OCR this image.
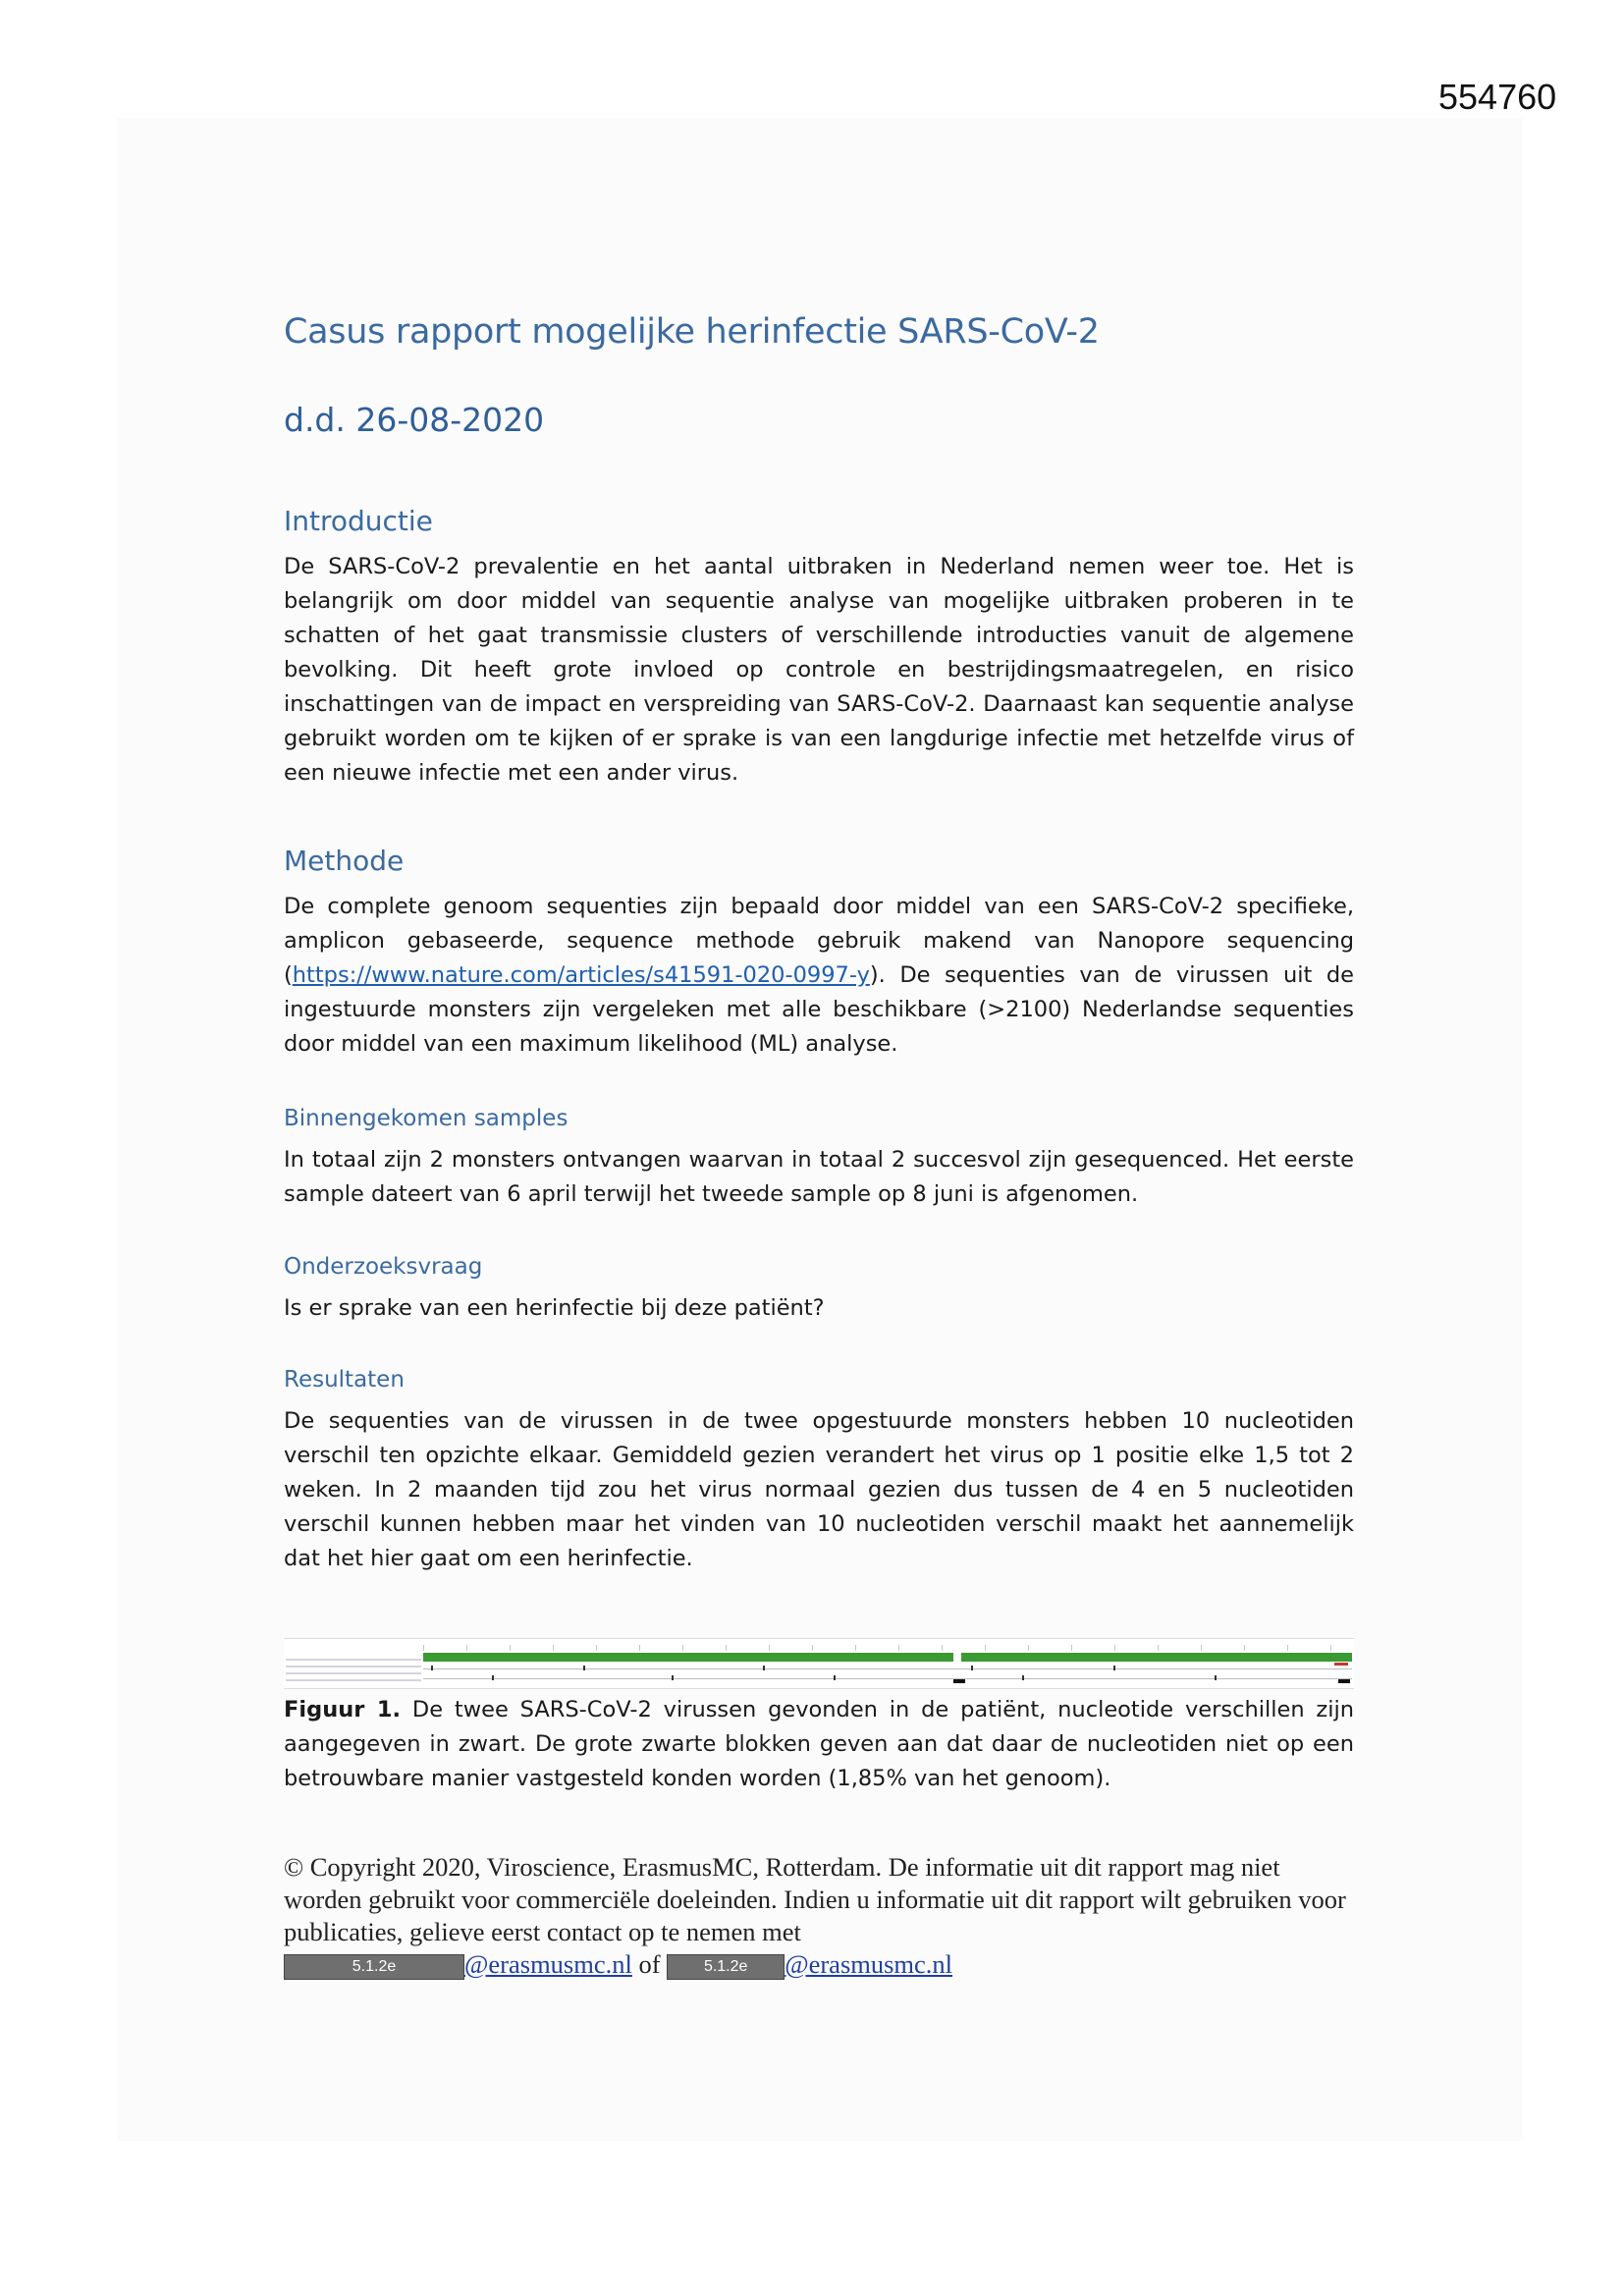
554760
Casus rapport mogelijke herinfectie SARS-CoV-2
d.d. 26-08-2020
Introductie

De SARS-CoV-2 prevalentie en het aantal uitbraken in Nederland nemen weer toe. Het is belangrijk om door middel van sequentie analyse van mogelijke uitbraken proberen in te schatten of het gaat transmissie clusters of verschillende introducties vanuit de algemene bevolking. Dit heeft grote invloed op controle en bestrijdingsmaatregelen, en risico inschattingen van de impact en verspreiding van SARS-CoV-2. Daarnaast kan sequentie analyse gebruikt worden om te kijken of er sprake is van een langdurige infectie met hetzelfde virus of een nieuwe infectie met een ander virus.

Methode

De complete genoom sequenties zijn bepaald door middel van een SARS-CoV-2 specifieke, amplicon gebaseerde, sequence methode gebruik makend van Nanopore sequencing (https://www.nature.com/articles/s41591-020-0997-y). De sequenties van de virussen uit de ingestuurde monsters zijn vergeleken met alle beschikbare (>2100) Nederlandse sequenties door middel van een maximum likelihood (ML) analyse.

Binnengekomen samples

In totaal zijn 2 monsters ontvangen waarvan in totaal 2 succesvol zijn gesequenced. Het eerste sample dateert van 6 april terwijl het tweede sample op 8 juni is afgenomen.

Onderzoeksvraag

Is er sprake van een herinfectie bij deze patiënt?

Resultaten

De sequenties van de virussen in de twee opgestuurde monsters hebben 10 nucleotiden verschil ten opzichte elkaar. Gemiddeld gezien verandert het virus op 1 positie elke 1,5 tot 2 weken. In 2 maanden tijd zou het virus normaal gezien dus tussen de 4 en 5 nucleotiden verschil kunnen hebben maar het vinden van 10 nucleotiden verschil maakt het aannemelijk dat het hier gaat om een herinfectie.

Figuur 1. De twee SARS-CoV-2 virussen gevonden in de patiënt, nucleotide verschillen zijn aangegeven in zwart. De grote zwarte blokken geven aan dat daar de nucleotiden niet op een betrouwbare manier vastgesteld konden worden (1,85% van het genoom).

© Copyright 2020, Viroscience, ErasmusMC, Rotterdam. De informatie uit dit rapport mag niet worden gebruikt voor commerciële doeleinden. Indien u informatie uit dit rapport wilt gebruiken voor publicaties, gelieve eerst contact op te nemen met
5.1.2e	@erasmusmc.nl of 5.1.2e @erasmusmc.nl
